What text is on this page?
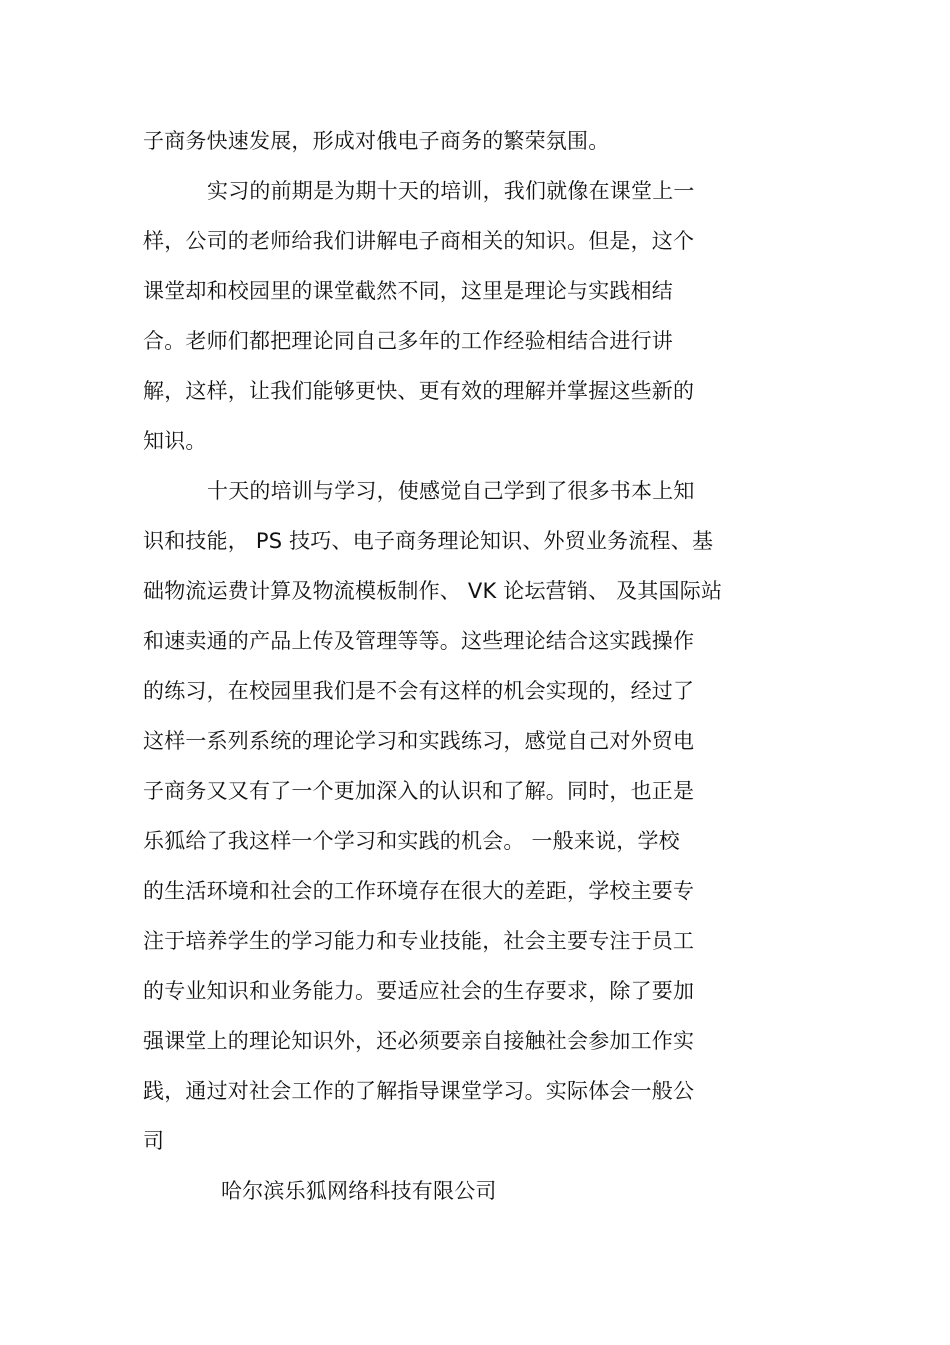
子商务快速发展，形成对俄电子商务的繁荣氛围。
实习的前期是为期十天的培训，我们就像在课堂上一
样，公司的老师给我们讲解电子商相关的知识。但是，这个
课堂却和校园里的课堂截然不同，这里是理论与实践相结
合。老师们都把理论同自己多年的工作经验相结合进行讲
解，这样，让我们能够更快、更有效的理解并掌握这些新的
知识。
十天的培训与学习，使感觉自己学到了很多书本上知
识和技能， PS 技巧、电子商务理论知识、外贸业务流程、基
础物流运费计算及物流模板制作、 VK 论坛营销、 及其国际站
和速卖通的产品上传及管理等等。这些理论结合这实践操作
的练习，在校园里我们是不会有这样的机会实现的，经过了
这样一系列系统的理论学习和实践练习，感觉自己对外贸电
子商务又又有了一个更加深入的认识和了解。同时，也正是
乐狐给了我这样一个学习和实践的机会。 一般来说，学校
的生活环境和社会的工作环境存在很大的差距，学校主要专
注于培养学生的学习能力和专业技能，社会主要专注于员工
的专业知识和业务能力。要适应社会的生存要求，除了要加
强课堂上的理论知识外，还必须要亲自接触社会参加工作实
践，通过对社会工作的了解指导课堂学习。实际体会一般公
司
哈尔滨乐狐网络科技有限公司
